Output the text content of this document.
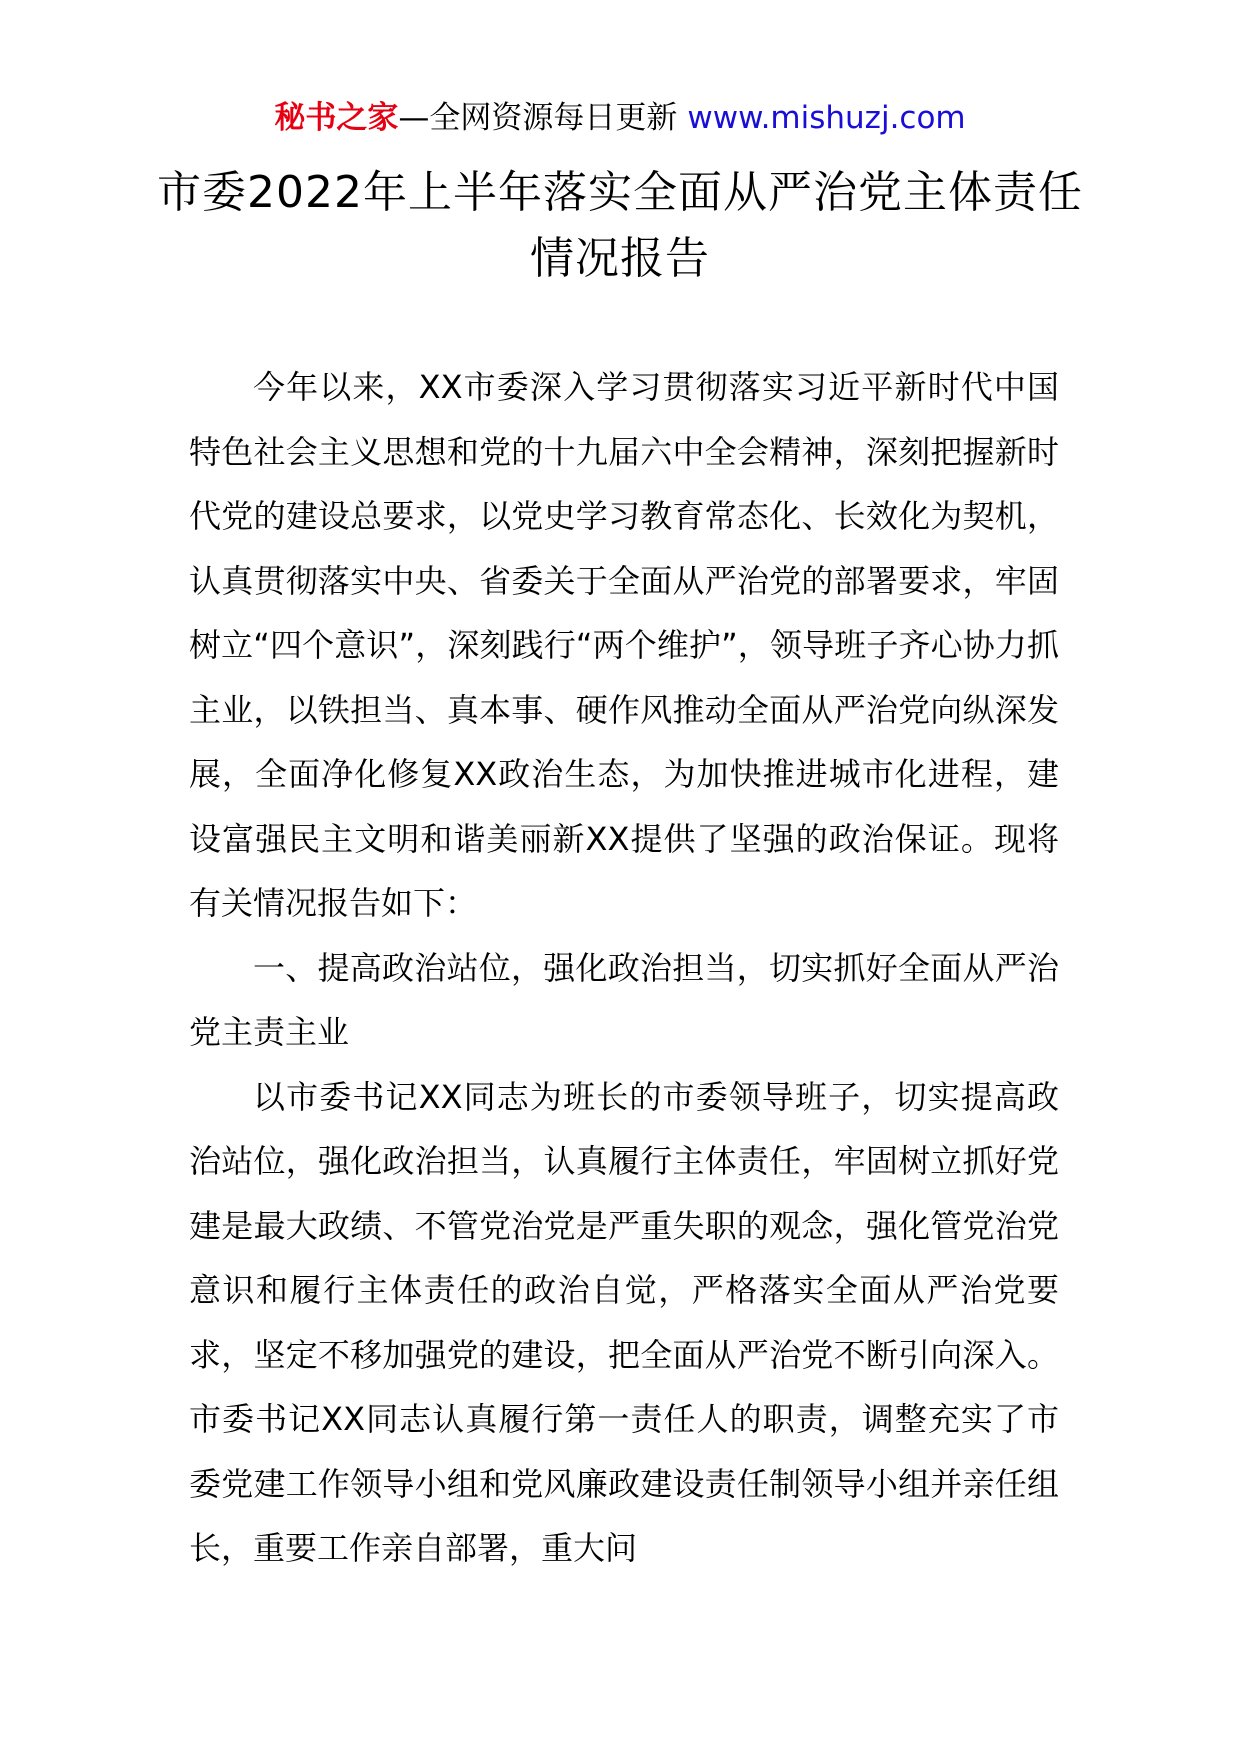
秘书之家—全网资源每日更新 www.mishuzj.com
市委2022年上半年落实全面从严治党主体责任情况报告

今年以来，XX市委深入学习贯彻落实习近平新时代中国特色社会主义思想和党的十九届六中全会精神，深刻把握新时代党的建设总要求，以党史学习教育常态化、长效化为契机，认真贯彻落实中央、省委关于全面从严治党的部署要求，牢固树立“四个意识”，深刻践行“两个维护”，领导班子齐心协力抓主业，以铁担当、真本事、硬作风推动全面从严治党向纵深发展，全面净化修复XX政治生态，为加快推进城市化进程，建设富强民主文明和谐美丽新XX提供了坚强的政治保证。现将有关情况报告如下：

一、提高政治站位，强化政治担当，切实抓好全面从严治党主责主业

以市委书记XX同志为班长的市委领导班子，切实提高政治站位，强化政治担当，认真履行主体责任，牢固树立抓好党建是最大政绩、不管党治党是严重失职的观念，强化管党治党意识和履行主体责任的政治自觉，严格落实全面从严治党要求，坚定不移加强党的建设，把全面从严治党不断引向深入。市委书记XX同志认真履行第一责任人的职责，调整充实了市委党建工作领导小组和党风廉政建设责任制领导小组并亲任组长，重要工作亲自部署，重大问
